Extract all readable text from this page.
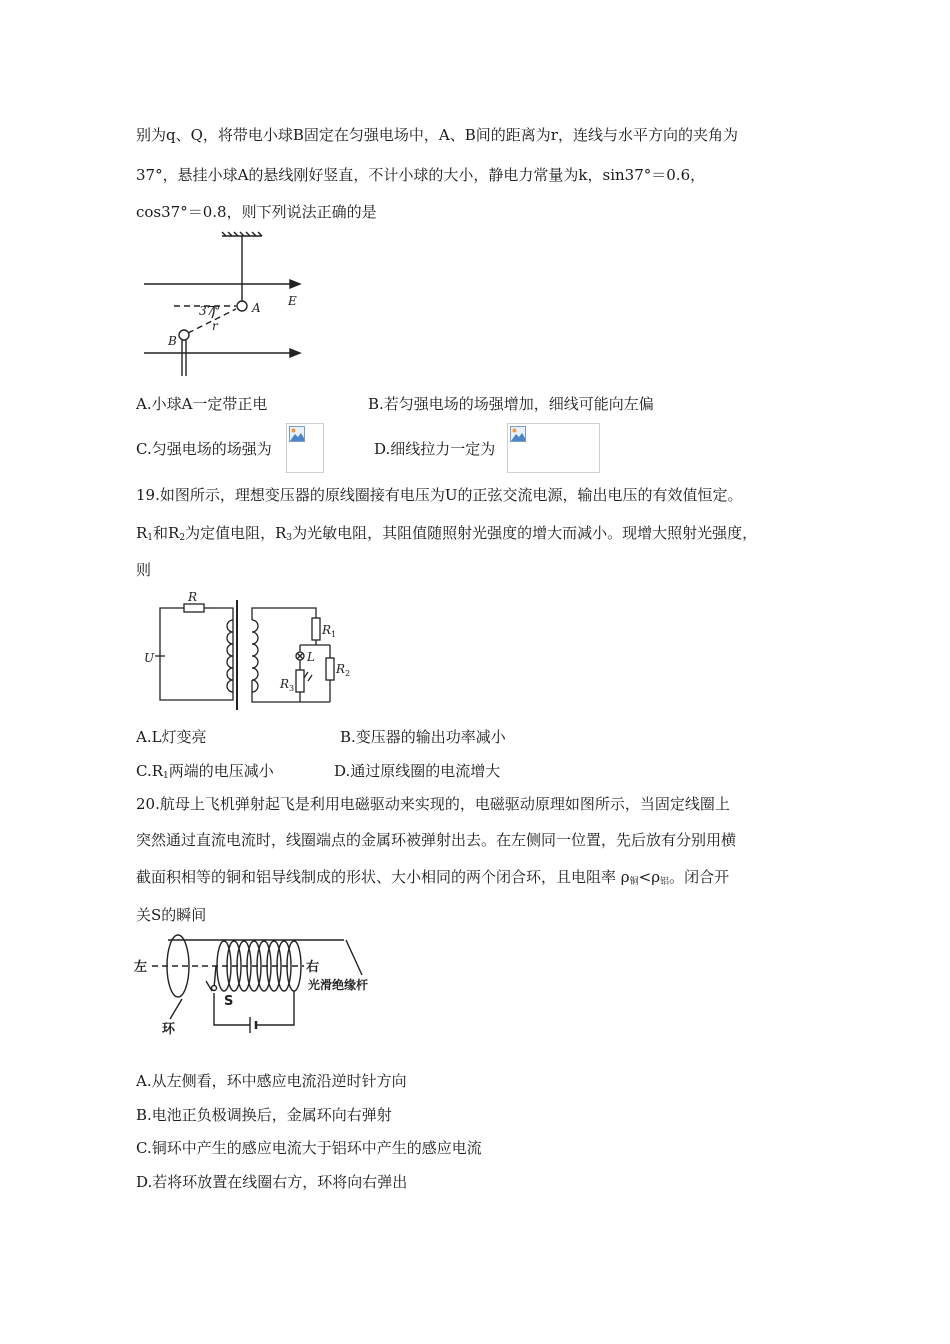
别为q、Q，将带电小球B固定在匀强电场中，A、B间的距离为r，连线与水平方向的夹角为
37°，悬挂小球A的悬线刚好竖直，不计小球的大小，静电力常量为k，sin37°＝0.6，
cos37°＝0.8，则下列说法正确的是
37°
r
A
B
E
A.小球A一定带正电	B.若匀强电场的场强增加，细线可能向左偏
C.匀强电场的场强为	D.细线拉力一定为
19.如图所示，理想变压器的原线圈接有电压为U的正弦交流电源，输出电压的有效值恒定。
$R_1$和$R_2$为定值电阻，$R_3$为光敏电阻，其阻值随照射光强度的增大而减小。现增大照射光强度，
则
R
U
$R_1$
L
$R_2$
$R_3$
A.L灯变亮	B.变压器的输出功率减小
$C.R_1$两端的电压减小	D.通过原线圈的电流增大
20.航母上飞机弹射起飞是利用电磁驱动来实现的，电磁驱动原理如图所示，当固定线圈上
突然通过直流电流时，线圈端点的金属环被弹射出去。在左侧同一位置，先后放有分别用横
截面积相等的铜和铝导线制成的形状、大小相同的两个闭合环，且电阻率 $\rho_铜<\rho_铝$。闭合开
关S的瞬间
左	右
光滑绝缘杆
环
S
A.从左侧看，环中感应电流沿逆时针方向
B.电池正负极调换后，金属环向右弹射
C.铜环中产生的感应电流大于铝环中产生的感应电流
D.若将环放置在线圈右方，环将向右弹出
